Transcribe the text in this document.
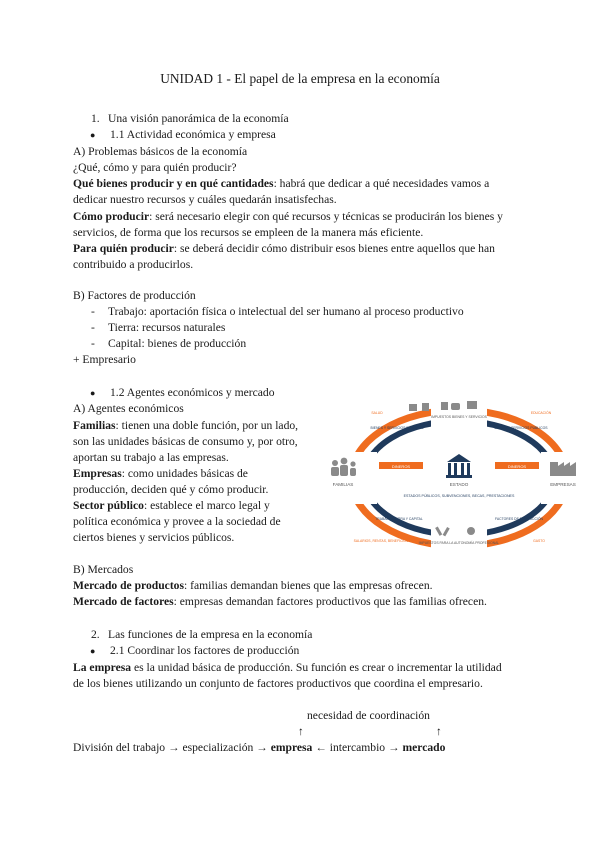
UNIDAD 1 - El papel de la empresa en la economía
1. Una visión panorámica de la economía
● 1.1 Actividad económica y empresa
A) Problemas básicos de la economía
¿Qué, cómo y para quién producir?
Qué bienes producir y en qué cantidades: habrá que dedicar a qué necesidades vamos a
dedicar nuestro recursos y cuáles quedarán insatisfechas.
Cómo producir: será necesario elegir con qué recursos y técnicas se producirán los bienes y
servicios, de forma que los recursos se empleen de la manera más eficiente.
Para quién producir: se deberá decidir cómo distribuir esos bienes entre aquellos que han
contribuido a producirlos.
B) Factores de producción
- Trabajo: aportación física o intelectual del ser humano al proceso productivo
- Tierra: recursos naturales
- Capital: bienes de producción
+ Empresario
● 1.2 Agentes económicos y mercado
A) Agentes económicos
Familias: tienen una doble función, por un lado,
son las unidades básicas de consumo y, por otro,
aportan su trabajo a las empresas.
Empresas: como unidades básicas de
producción, deciden qué y cómo producir.
Sector público: establece el marco legal y
política económica y provee a la sociedad de
ciertos bienes y servicios públicos.
DINEROS	DINEROS
FAMILIAS	EMPRESAS
ESTADO
ESTADOS PÚBLICOS, SUBVENCIONES, BECAS, PRESTACIONES
IMPUESTOS BIENES Y SERVICIOS
BIENES Y SERVICIOS PÚBLICOS	BIENES Y SERVICIOS PÚBLICOS
SALUD	EDUCACIÓN
IMPUESTOS PARA LA AUTONOMÍA PROFESIONAL
TRABAJO, TIERRA Y CAPITAL	FACTORES DE PRODUCCIÓN
SALARIOS, RENTAS, BENEFICIOS	GASTO
B) Mercados
Mercado de productos: familias demandan bienes que las empresas ofrecen.
Mercado de factores: empresas demandan factores productivos que las familias ofrecen.
2. Las funciones de la empresa en la economía
● 2.1 Coordinar los factores de producción
La empresa es la unidad básica de producción. Su función es crear o incrementar la utilidad
de los bienes utilizando un conjunto de factores productivos que coordina el empresario.
necesidad de coordinación
↑	↑
División del trabajo → especialización → empresa ← intercambio → mercado
